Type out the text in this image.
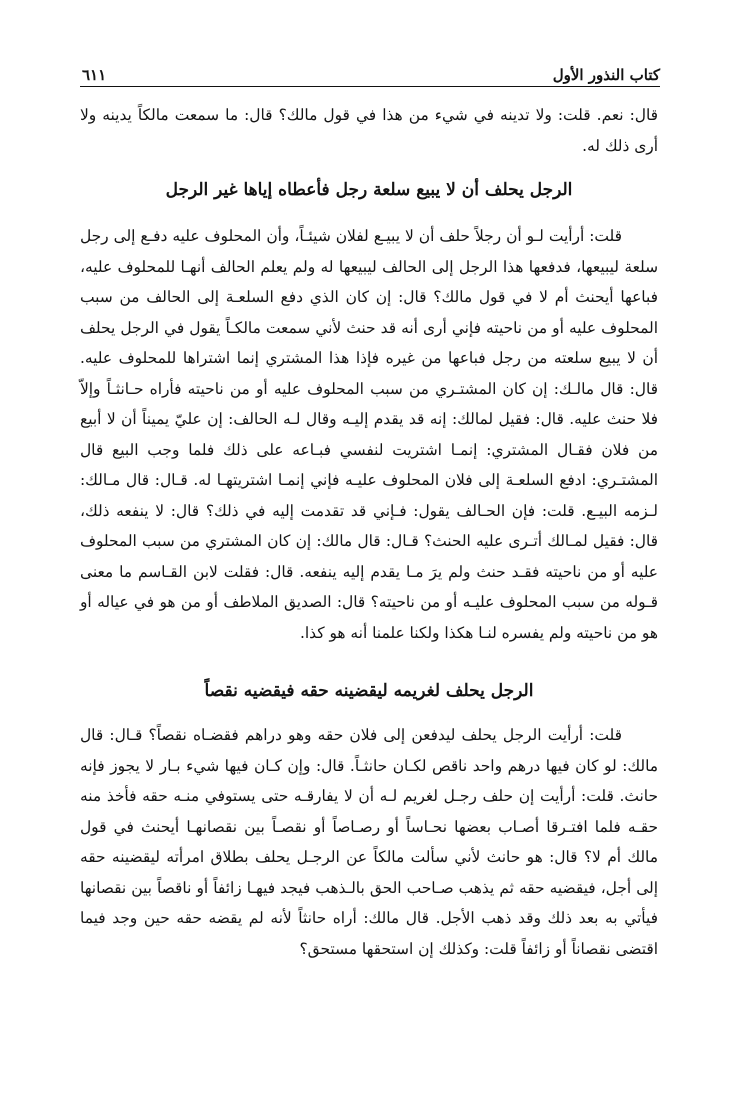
كتاب النذور الأول
٦١١

قال: نعم. قلت: ولا تدينه في شيء من هذا في قول مالك؟ قال: ما سمعت مالكاً يدينه ولا أرى ذلك له.

الرجل يحلف أن لا يبيع سلعة رجل فأعطاه إياها غير الرجل

قلت: أرأيت لـو أن رجلاً حلف أن لا يبيـع لفلان شيئـاً، وأن المحلوف عليه دفـع إلى رجل سلعة ليبيعها، فدفعها هذا الرجل إلى الحالف ليبيعها له ولم يعلم الحالف أنهـا للمحلوف عليه، فباعها أيحنث أم لا في قول مالك؟ قال: إن كان الذي دفع السلعـة إلى الحالف من سبب المحلوف عليه أو من ناحيته فإني أرى أنه قد حنث لأني سمعت مالكـاً يقول في الرجل يحلف أن لا يبيع سلعته من رجل فباعها من غيره فإذا هذا المشتري إنما اشتراها للمحلوف عليه. قال: قال مالـك: إن كان المشتـري من سبب المحلوف عليه أو من ناحيته فأراه حـانثـاً وإلاّ فلا حنث عليه. قال: فقيل لمالك: إنه قد يقدم إليـه وقال لـه الحالف: إن عليّ يميناً أن لا أبيع من فلان فقـال المشتري: إنمـا اشتريت لنفسي فبـاعه على ذلك فلما وجب البيع قال المشتـري: ادفع السلعـة إلى فلان المحلوف عليـه فإني إنمـا اشتريتهـا له. قـال: قال مـالك: لـزمه البيـع. قلت: فإن الحـالف يقول: فـإني قد تقدمت إليه في ذلك؟ قال: لا ينفعه ذلك، قال: فقيل لمـالك أتـرى عليه الحنث؟ قـال: قال مالك: إن كان المشتري من سبب المحلوف عليه أو من ناحيته فقـد حنث ولم يرَ مـا يقدم إليه ينفعه. قال: فقلت لابن القـاسم ما معنى قـوله من سبب المحلوف عليـه أو من ناحيته؟ قال: الصديق الملاطف أو من هو في عياله أو هو من ناحيته ولم يفسره لنـا هكذا ولكنا علمنا أنه هو كذا.

الرجل يحلف لغريمه ليقضينه حقه فيقضيه نقصاً

قلت: أرأيت الرجل يحلف ليدفعن إلى فلان حقه وهو دراهم فقضـاه نقصاً؟ قـال: قال مالك: لو كان فيها درهم واحد ناقص لكـان حانثـاً. قال: وإن كـان فيها شيء بـار لا يجوز فإنه حانث. قلت: أرأيت إن حلف رجـل لغريم لـه أن لا يفارقـه حتى يستوفي منـه حقه فأخذ منه حقـه فلما افتـرقا أصـاب بعضها نحـاساً أو رصـاصاً أو نقصـاً بين نقصانهـا أيحنث في قول مالك أم لا؟ قال: هو حانث لأني سألت مالكاً عن الرجـل يحلف بطلاق امرأته ليقضينه حقه إلى أجل، فيقضيه حقه ثم يذهب صـاحب الحق بالـذهب فيجد فيهـا زائفاً أو ناقصاً بين نقصانها فيأتي به بعد ذلك وقد ذهب الأجل. قال مالك: أراه حانثاً لأنه لم يقضه حقه حين وجد فيما اقتضى نقصاناً أو زائفاً قلت: وكذلك إن استحقها مستحق؟
